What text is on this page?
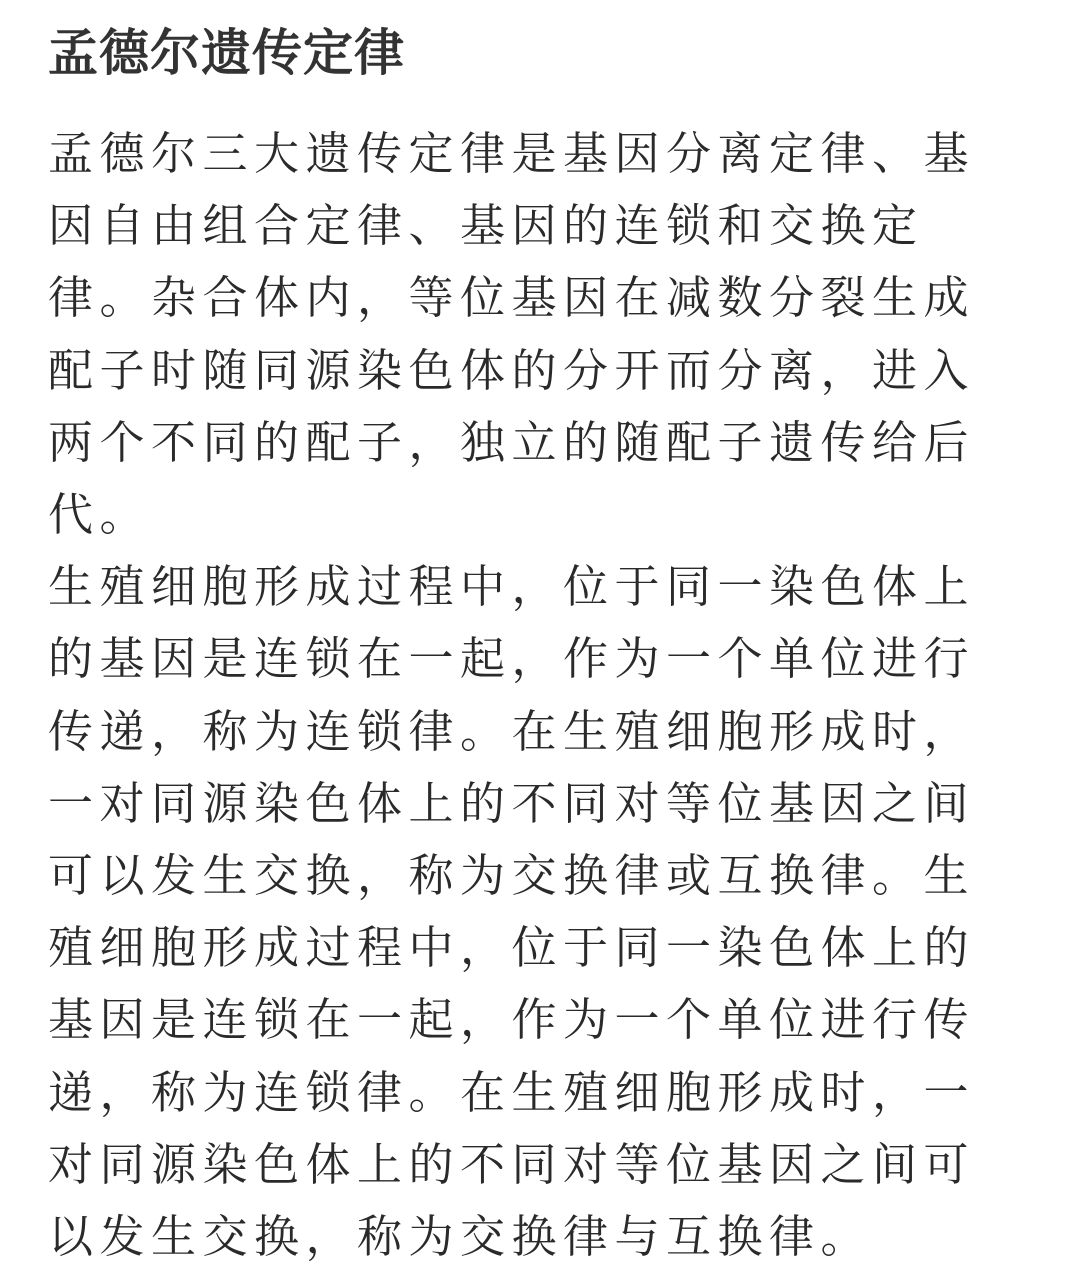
孟德尔遗传定律

孟德尔三大遗传定律是基因分离定律、基因自由组合定律、基因的连锁和交换定律。杂合体内，等位基因在减数分裂生成配子时随同源染色体的分开而分离，进入两个不同的配子，独立的随配子遗传给后代。

生殖细胞形成过程中，位于同一染色体上的基因是连锁在一起，作为一个单位进行传递，称为连锁律。在生殖细胞形成时，一对同源染色体上的不同对等位基因之间可以发生交换，称为交换律或互换律。生殖细胞形成过程中，位于同一染色体上的基因是连锁在一起，作为一个单位进行传递，称为连锁律。在生殖细胞形成时，一对同源染色体上的不同对等位基因之间可以发生交换，称为交换律与互换律。
